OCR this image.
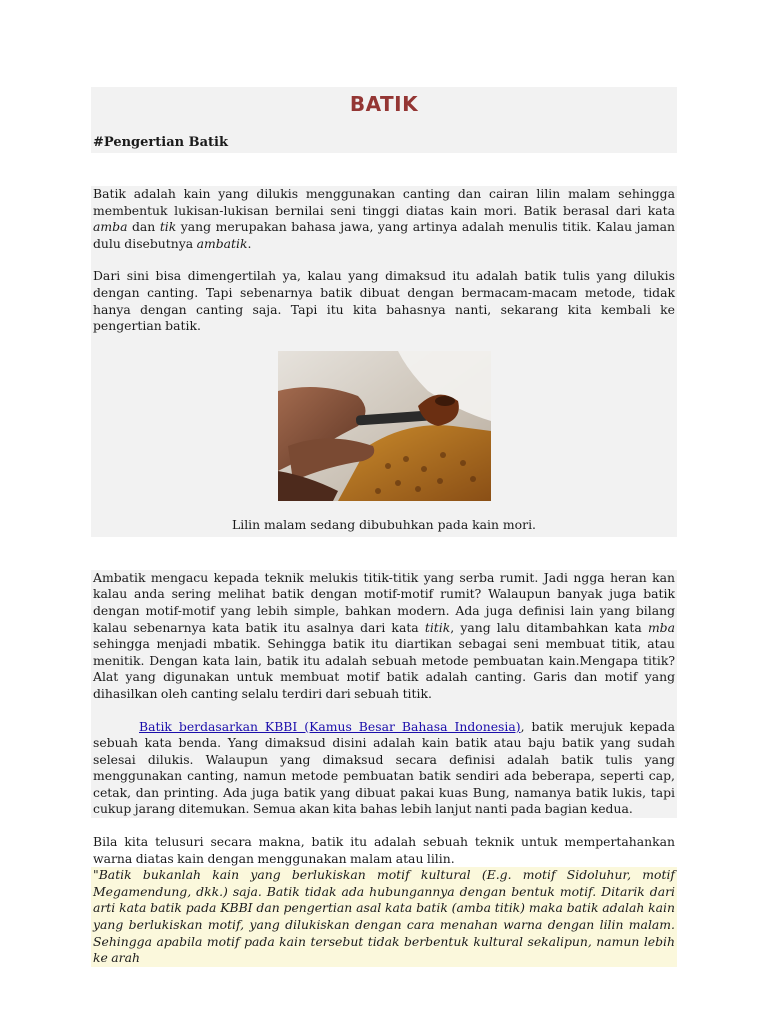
BATIK
#Pengertian Batik

Batik adalah kain yang dilukis menggunakan canting dan cairan lilin malam sehingga membentuk lukisan-lukisan bernilai seni tinggi diatas kain mori. Batik berasal dari kata amba dan tik yang merupakan bahasa jawa, yang artinya adalah menulis titik. Kalau jaman dulu disebutnya ambatik.

Dari sini bisa dimengertilah ya, kalau yang dimaksud itu adalah batik tulis yang dilukis dengan canting. Tapi sebenarnya batik dibuat dengan bermacam-macam metode, tidak hanya dengan canting saja. Tapi itu kita bahasnya nanti, sekarang kita kembali ke pengertian batik.

Lilin malam sedang dibubuhkan pada kain mori.

Ambatik mengacu kepada teknik melukis titik-titik yang serba rumit. Jadi ngga heran kan kalau anda sering melihat batik dengan motif-motif rumit? Walaupun banyak juga batik dengan motif-motif yang lebih simple, bahkan modern. Ada juga definisi lain yang bilang kalau sebenarnya kata batik itu asalnya dari kata titik, yang lalu ditambahkan kata mba sehingga menjadi mbatik. Sehingga batik itu diartikan sebagai seni membuat titik, atau menitik. Dengan kata lain, batik itu adalah sebuah metode pembuatan kain.Mengapa titik? Alat yang digunakan untuk membuat motif batik adalah canting. Garis dan motif yang dihasilkan oleh canting selalu terdiri dari sebuah titik.

Batik berdasarkan KBBI (Kamus Besar Bahasa Indonesia), batik merujuk kepada sebuah kata benda. Yang dimaksud disini adalah kain batik atau baju batik yang sudah selesai dilukis. Walaupun yang dimaksud secara definisi adalah batik tulis yang menggunakan canting, namun metode pembuatan batik sendiri ada beberapa, seperti cap, cetak, dan printing. Ada juga batik yang dibuat pakai kuas Bung, namanya batik lukis, tapi cukup jarang ditemukan. Semua akan kita bahas lebih lanjut nanti pada bagian kedua.

Bila kita telusuri secara makna, batik itu adalah sebuah teknik untuk mempertahankan warna diatas kain dengan menggunakan malam atau lilin.

"Batik bukanlah kain yang berlukiskan motif kultural (E.g. motif Sidoluhur, motif Megamendung, dkk.) saja. Batik tidak ada hubungannya dengan bentuk motif. Ditarik dari arti kata batik pada KBBI dan pengertian asal kata batik (amba titik) maka batik adalah kain yang berlukiskan motif, yang dilukiskan dengan cara menahan warna dengan lilin malam. Sehingga apabila motif pada kain tersebut tidak berbentuk kultural sekalipun, namun lebih ke arah
